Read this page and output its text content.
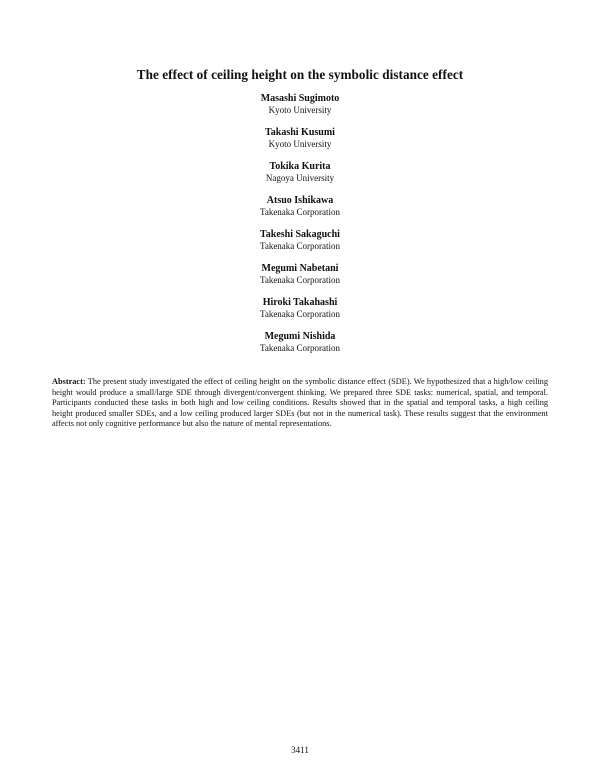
The effect of ceiling height on the symbolic distance effect
Masashi Sugimoto
Kyoto University
Takashi Kusumi
Kyoto University
Tokika Kurita
Nagoya University
Atsuo Ishikawa
Takenaka Corporation
Takeshi Sakaguchi
Takenaka Corporation
Megumi Nabetani
Takenaka Corporation
Hiroki Takahashi
Takenaka Corporation
Megumi Nishida
Takenaka Corporation

Abstract: The present study investigated the effect of ceiling height on the symbolic distance effect (SDE). We hypothesized that a high/low ceiling height would produce a small/large SDE through divergent/convergent thinking. We prepared three SDE tasks: numerical, spatial, and temporal. Participants conducted these tasks in both high and low ceiling conditions. Results showed that in the spatial and temporal tasks, a high ceiling height produced smaller SDEs, and a low ceiling produced larger SDEs (but not in the numerical task). These results suggest that the environment affects not only cognitive performance but also the nature of mental representations.

3411
